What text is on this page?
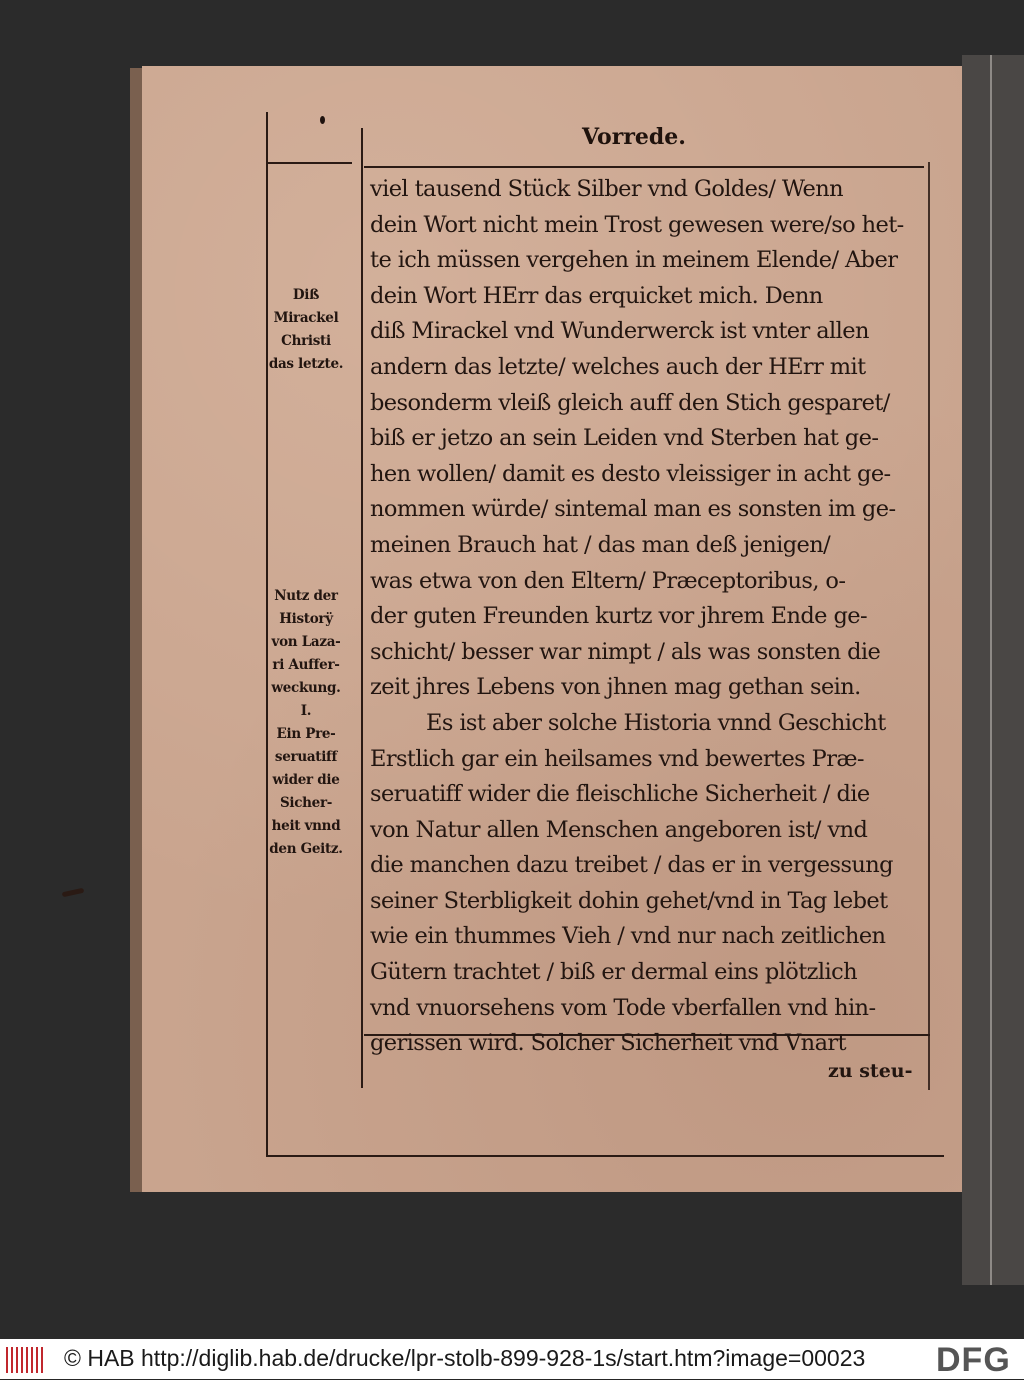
Vorrede.

viel tausend Stück Silber vnd Goldes/ Wenn

dein Wort nicht mein Trost gewesen were/so het-

te ich müssen vergehen in meinem Elende/ Aber

dein Wort HErr das erquicket mich. Denn

diß Mirackel vnd Wunderwerck ist vnter allen

andern das letzte/ welches auch der HErr mit

besonderm vleiß gleich auff den Stich gesparet/

biß er jetzo an sein Leiden vnd Sterben hat ge-

hen wollen/ damit es desto vleissiger in acht ge-

nommen würde/ sintemal man es sonsten im ge-

meinen Brauch hat / das man deß jenigen/

was etwa von den Eltern/ Præceptoribus, o-

der guten Freunden kurtz vor jhrem Ende ge-

schicht/ besser war nimpt / als was sonsten die

zeit jhres Lebens von jhnen mag gethan sein.

Es ist aber solche Historia vnnd Geschicht

Erstlich gar ein heilsames vnd bewertes Præ-

seruatiff wider die fleischliche Sicherheit / die

von Natur allen Menschen angeboren ist/ vnd

die manchen dazu treibet / das er in vergessung

seiner Sterbligkeit dohin gehet/vnd in Tag lebet

wie ein thummes Vieh / vnd nur nach zeitlichen

Gütern trachtet / biß er dermal eins plötzlich

vnd vnuorsehens vom Tode vberfallen vnd hin-

gerissen wird. Solcher Sicherheit vnd Vnart

Diß
Mirackel
Christi
das letzte.
Nutz der
Historÿ
von Laza-
ri Auffer-
weckung.
I.
Ein Pre-
seruatiff
wider die
Sicher-
heit vnnd
den Geitz.

zu steu-

© HAB http://diglib.hab.de/drucke/lpr-stolb-899-928-1s/start.htm?image=00023 DFG
